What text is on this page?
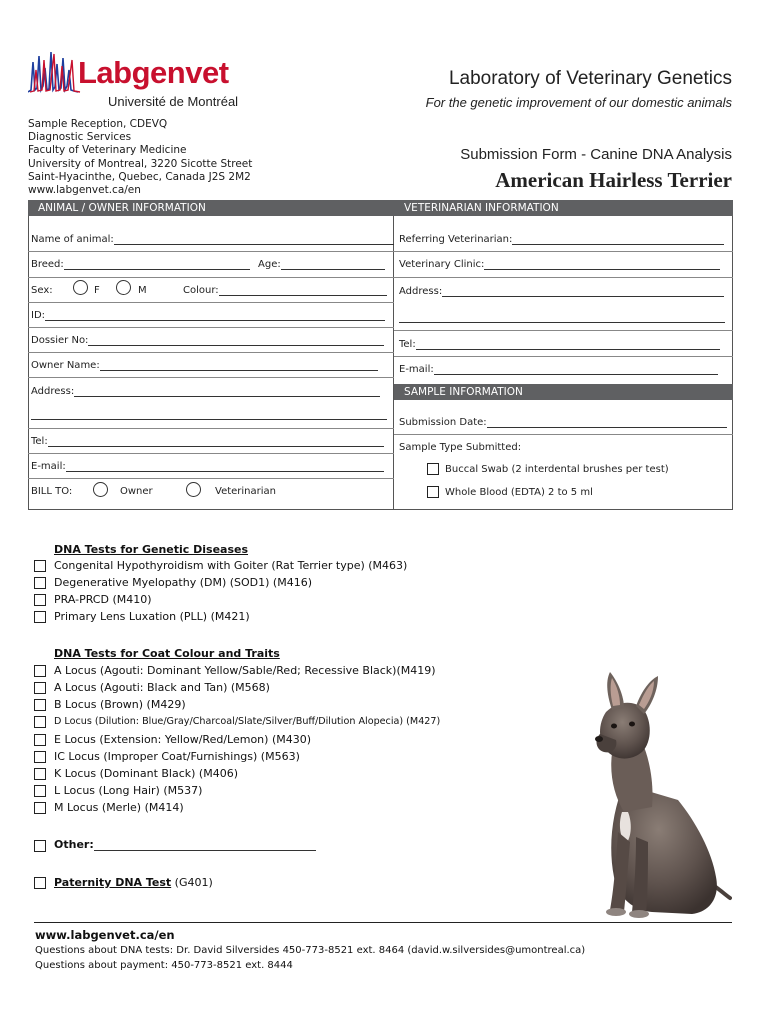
Labgenvet
Université de Montréal
Laboratory of Veterinary Genetics
For the genetic improvement of our domestic animals
Sample Reception, CDEVQ
Diagnostic Services
Faculty of Veterinary Medicine
University of Montreal, 3220 Sicotte Street
Saint-Hyacinthe, Quebec, Canada J2S 2M2
www.labgenvet.ca/en
Submission Form - Canine DNA Analysis
American Hairless Terrier
ANIMAL / OWNER INFORMATION	VETERINARIAN INFORMATION
Name of animal:
Breed:	Age:
Sex:	F	M	Colour:
ID:
Dossier No:
Owner Name:
Address:
Tel:
E-mail:
BILL TO:	Owner	Veterinarian
Referring Veterinarian:
Veterinary Clinic:
Address:
Tel:
E-mail:
SAMPLE INFORMATION
Submission Date:
Sample Type Submitted:
Buccal Swab (2 interdental brushes per test)
Whole Blood (EDTA) 2 to 5 ml
DNA Tests for Genetic Diseases
Congenital Hypothyroidism with Goiter (Rat Terrier type) (M463)
Degenerative Myelopathy (DM) (SOD1) (M416)
PRA-PRCD (M410)
Primary Lens Luxation (PLL) (M421)
DNA Tests for Coat Colour and Traits
A Locus (Agouti: Dominant Yellow/Sable/Red; Recessive Black)(M419)
A Locus (Agouti: Black and Tan) (M568)
B Locus (Brown) (M429)
D Locus (Dilution: Blue/Gray/Charcoal/Slate/Silver/Buff/Dilution Alopecia) (M427)
E Locus (Extension: Yellow/Red/Lemon) (M430)
IC Locus (Improper Coat/Furnishings) (M563)
K Locus (Dominant Black) (M406)
L Locus (Long Hair) (M537)
M Locus (Merle) (M414)
Other:
Paternity DNA Test (G401)
www.labgenvet.ca/en
Questions about DNA tests: Dr. David Silversides 450-773-8521 ext. 8464 (david.w.silversides@umontreal.ca)
Questions about payment: 450-773-8521 ext. 8444
